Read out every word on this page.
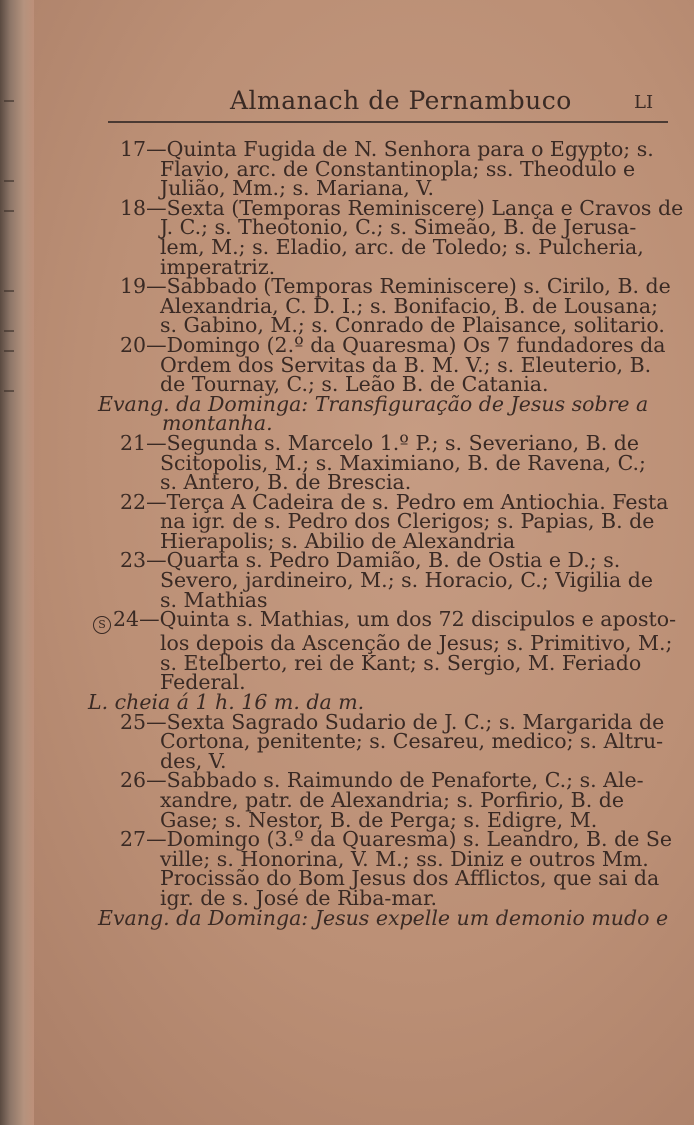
Almanach de Pernambuco	LI
17—Quinta Fugida de N. Senhora para o Egypto; s.
Flavio, arc. de Constantinopla; ss. Theodulo e
Julião, Mm.; s. Mariana, V.
18—Sexta (Temporas Reminiscere) Lança e Cravos de
J. C.; s. Theotonio, C.; s. Simeão, B. de Jerusa-
lem, M.; s. Eladio, arc. de Toledo; s. Pulcheria,
imperatriz.
19—Sabbado (Temporas Reminiscere) s. Cirilo, B. de
Alexandria, C. D. I.; s. Bonifacio, B. de Lousana;
s. Gabino, M.; s. Conrado de Plaisance, solitario.
20—Domingo (2.º da Quaresma) Os 7 fundadores da
Ordem dos Servitas da B. M. V.; s. Eleuterio, B.
de Tournay, C.; s. Leão B. de Catania.
Evang. da Dominga: Transfiguração de Jesus sobre a
montanha.
21—Segunda s. Marcelo 1.º P.; s. Severiano, B. de
Scitopolis, M.; s. Maximiano, B. de Ravena, C.;
s. Antero, B. de Brescia.
22—Terça A Cadeira de s. Pedro em Antiochia. Festa
na igr. de s. Pedro dos Clerigos; s. Papias, B. de
Hierapolis; s. Abilio de Alexandria
23—Quarta s. Pedro Damião, B. de Ostia e D.; s.
Severo, jardineiro, M.; s. Horacio, C.; Vigilia de
s. Mathias
S 24—Quinta s. Mathias, um dos 72 discipulos e aposto-
los depois da Ascenção de Jesus; s. Primitivo, M.;
s. Etelberto, rei de Kant; s. Sergio, M. Feriado
Federal.
L. cheia á 1 h. 16 m. da m.
25—Sexta Sagrado Sudario de J. C.; s. Margarida de
Cortona, penitente; s. Cesareu, medico; s. Altru-
des, V.
26—Sabbado s. Raimundo de Penaforte, C.; s. Ale-
xandre, patr. de Alexandria; s. Porfirio, B. de
Gase; s. Nestor, B. de Perga; s. Edigre, M.
27—Domingo (3.º da Quaresma) s. Leandro, B. de Se
ville; s. Honorina, V. M.; ss. Diniz e outros Mm.
Procissão do Bom Jesus dos Afflictos, que sai da
igr. de s. José de Riba-mar.
Evang. da Dominga: Jesus expelle um demonio mudo e
